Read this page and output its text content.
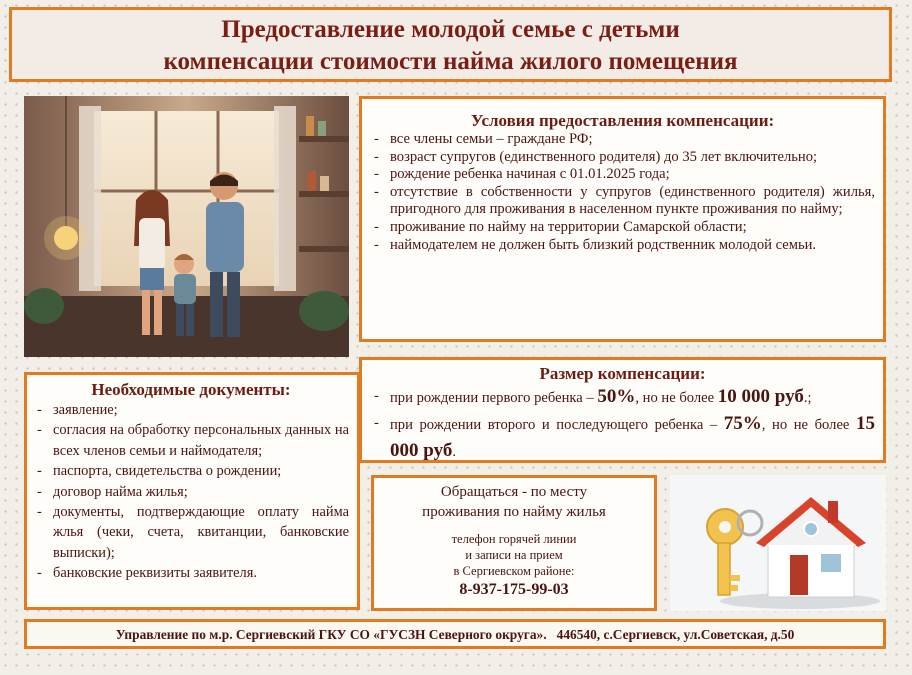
Предоставление молодой семье с детьми
компенсации стоимости найма жилого помещения
Условия предоставления компенсации:
- все члены семьи – граждане РФ;
- возраст супругов (единственного родителя) до 35 лет включительно;
- рождение ребенка начиная с 01.01.2025 года;
- отсутствие в собственности у супругов (единственного родителя) жилья, пригодного для проживания в населенном пункте проживания по найму;
- проживание по найму на территории Самарской области;
- наймодателем не должен быть близкий родственник молодой семьи.
Размер компенсации:
- при рождении первого ребенка – 50%, но не более 10 000 руб.;
- при рождении второго и последующего ребенка – 75%, но не более 15 000 руб.
Необходимые документы:
- заявление;
- согласия на обработку персональных данных на всех членов семьи и наймодателя;
- паспорта, свидетельства о рождении;
- договор найма жилья;
- документы, подтверждающие оплату найма жлья (чеки, счета, квитанции, банковские выписки);
- банковские реквизиты заявителя.
Обращаться - по месту
проживания по найму жилья
телефон горячей линии
и записи на прием
в Сергиевском районе:
8-937-175-99-03
Управление по м.р. Сергиевский ГКУ СО «ГУСЗН Северного округа».   446540, с.Сергиевск, ул.Советская, д.50
